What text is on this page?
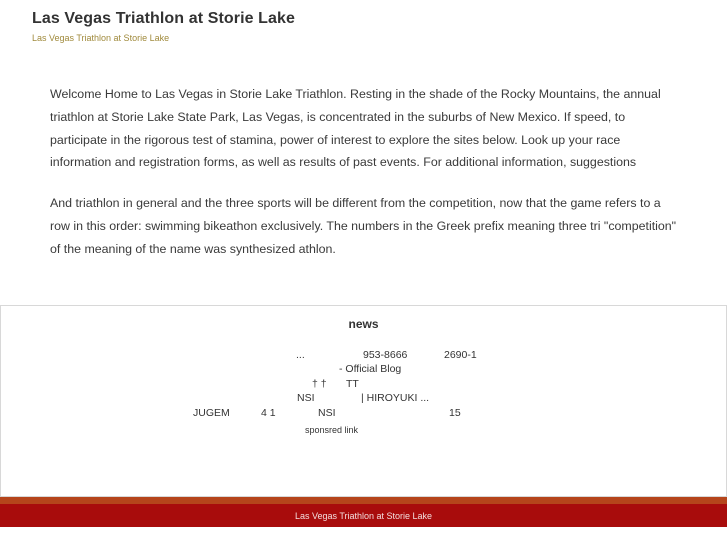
Las Vegas Triathlon at Storie Lake
Las Vegas Triathlon at Storie Lake

Welcome Home to Las Vegas in Storie Lake Triathlon. Resting in the shade of the Rocky Mountains, the annual triathlon at Storie Lake State Park, Las Vegas, is concentrated in the suburbs of New Mexico. If speed, to participate in the rigorous test of stamina, power of interest to explore the sites below. Look up your race information and registration forms, as well as results of past events. For additional information, suggestions

And triathlon in general and the three sports will be different from the competition, now that the game refers to a row in this order: swimming bikeathon exclusively. The numbers in the Greek prefix meaning three tri "competition" of the meaning of the name was synthesized athlon.

news
...	953-8666	2690-1
- Official Blog
† † TT
NSI	| HIROYUKI ...
JUGEM	4 1	NSI	15
sponsred link
Las Vegas Triathlon at Storie Lake
